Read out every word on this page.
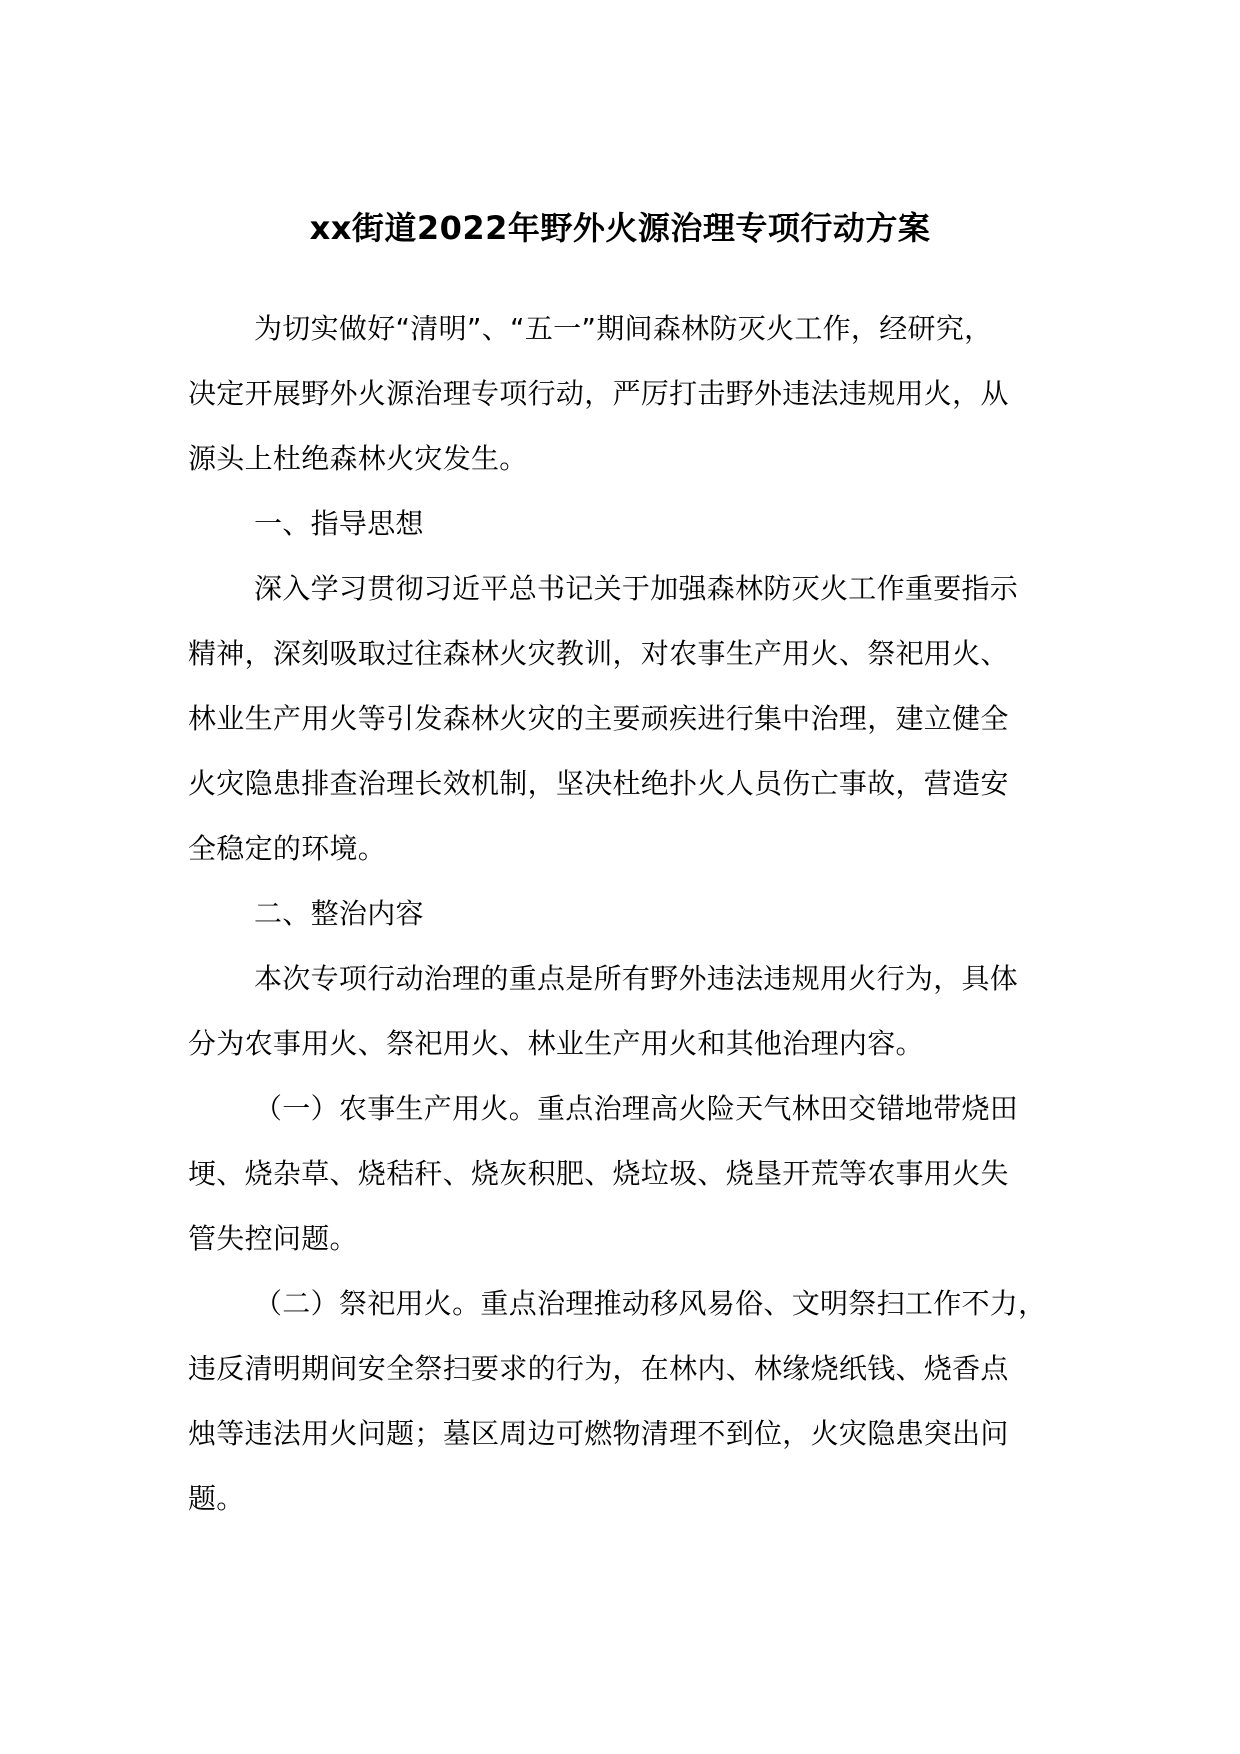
xx街道2022年野外火源治理专项行动方案
为切实做好“清明”、“五一”期间森林防灭火工作，经研究，
决定开展野外火源治理专项行动，严厉打击野外违法违规用火，从
源头上杜绝森林火灾发生。
一、指导思想
深入学习贯彻习近平总书记关于加强森林防灭火工作重要指示
精神，深刻吸取过往森林火灾教训，对农事生产用火、祭祀用火、
林业生产用火等引发森林火灾的主要顽疾进行集中治理，建立健全
火灾隐患排查治理长效机制，坚决杜绝扑火人员伤亡事故，营造安
全稳定的环境。
二、整治内容
本次专项行动治理的重点是所有野外违法违规用火行为，具体
分为农事用火、祭祀用火、林业生产用火和其他治理内容。
（一）农事生产用火。重点治理高火险天气林田交错地带烧田
埂、烧杂草、烧秸秆、烧灰积肥、烧垃圾、烧垦开荒等农事用火失
管失控问题。
（二）祭祀用火。重点治理推动移风易俗、文明祭扫工作不力，
违反清明期间安全祭扫要求的行为，在林内、林缘烧纸钱、烧香点
烛等违法用火问题；墓区周边可燃物清理不到位，火灾隐患突出问
题。
